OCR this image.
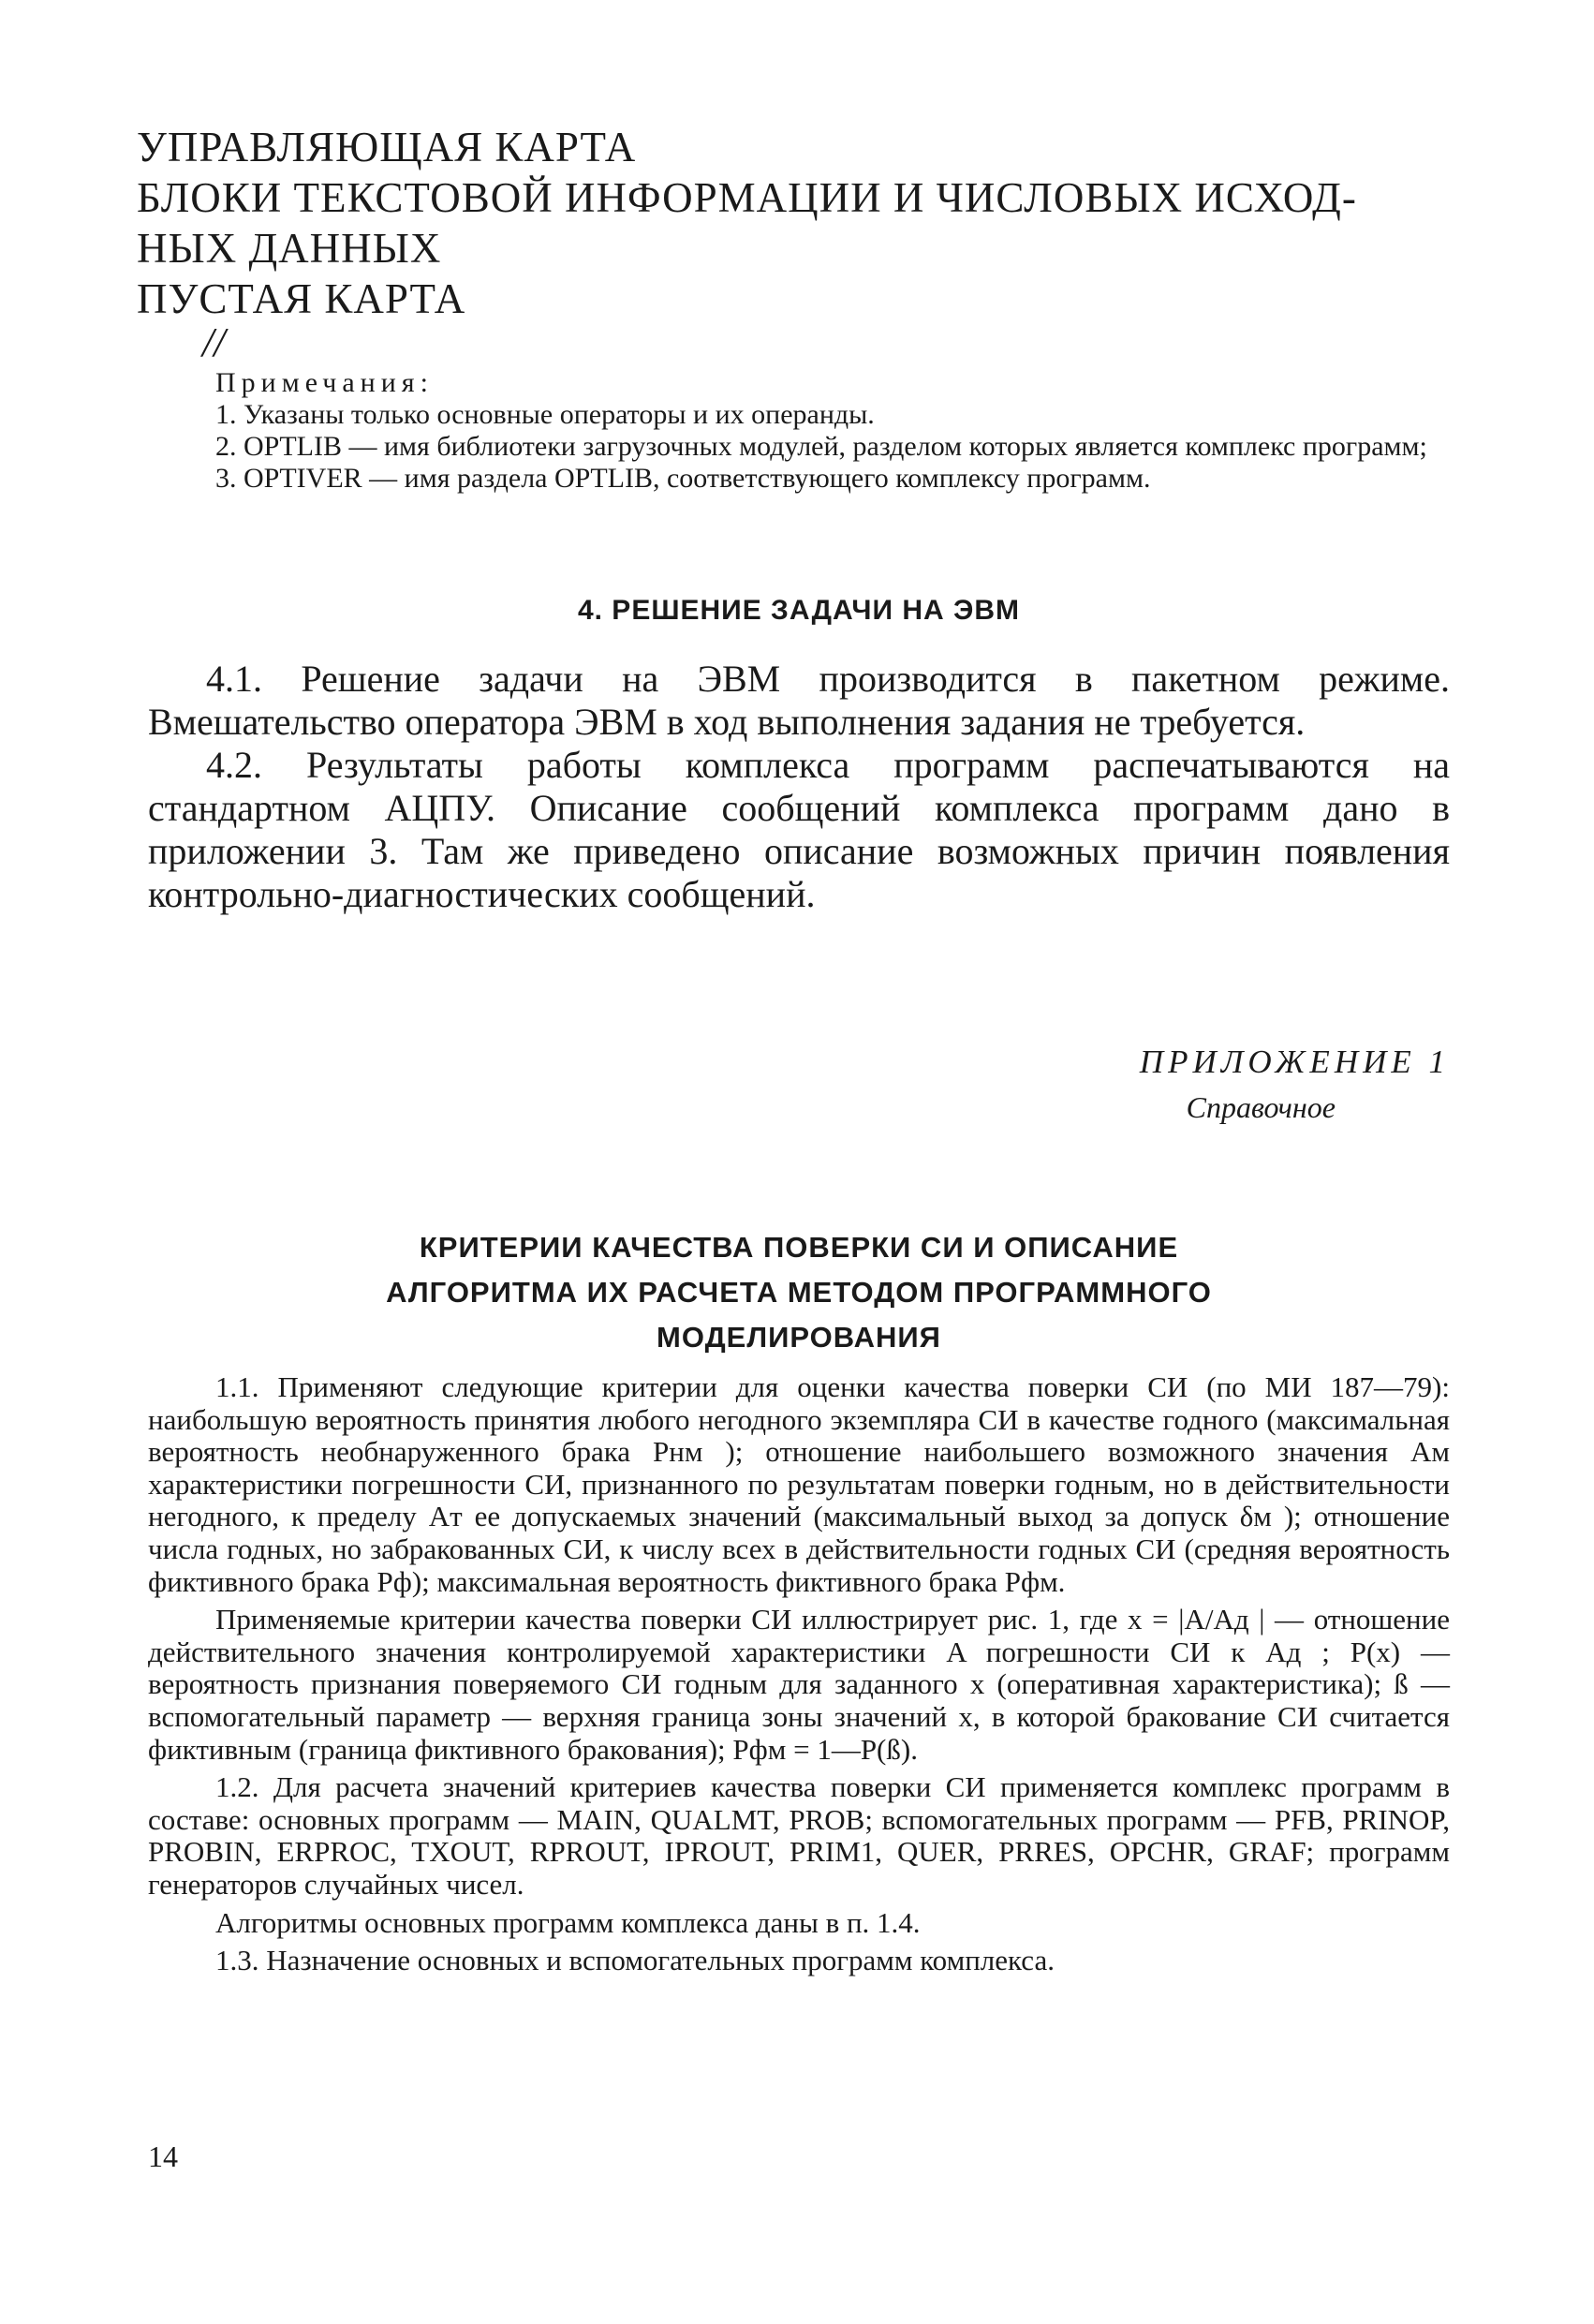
УПРАВЛЯЮЩАЯ КАРТА
БЛОКИ ТЕКСТОВОЙ ИНФОРМАЦИИ И ЧИСЛОВЫХ ИСХОД-
НЫХ ДАННЫХ
ПУСТАЯ КАРТА
//
Примечания:

1. Указаны только основные операторы и их операнды.

2. OPTLIB — имя библиотеки загрузочных модулей, разделом которых является комплекс программ;

3. OPTIVER — имя раздела OPTLIB, соответствующего комплексу программ.

4. РЕШЕНИЕ ЗАДАЧИ НА ЭВМ

4.1. Решение задачи на ЭВМ производится в пакетном режиме. Вмешательство оператора ЭВМ в ход выполнения задания не требуется.

4.2. Результаты работы комплекса программ распечатываются на стандартном АЦПУ. Описание сообщений комплекса программ дано в приложении 3. Там же приведено описание возможных причин появления контрольно-диагностических сообщений.

ПРИЛОЖЕНИЕ 1
Справочное
КРИТЕРИИ КАЧЕСТВА ПОВЕРКИ СИ И ОПИСАНИЕ
АЛГОРИТМА ИХ РАСЧЕТА МЕТОДОМ ПРОГРАММНОГО
МОДЕЛИРОВАНИЯ

1.1. Применяют следующие критерии для оценки качества поверки СИ (по МИ 187—79): наибольшую вероятность принятия любого негодного экземпляра СИ в качестве годного (максимальная вероятность необнаруженного брака Pнм ); отношение наибольшего возможного значения Aм характеристики погрешности СИ, признанного по результатам поверки годным, но в действительности негодного, к пределу Aт ее допускаемых значений (максимальный выход за допуск δм ); отношение числа годных, но забракованных СИ, к числу всех в действительности годных СИ (средняя вероятность фиктивного брака Pф); максимальная вероятность фиктивного брака Pфм.

Применяемые критерии качества поверки СИ иллюстрирует рис. 1, где x = |A/Aд | — отношение действительного значения контролируемой характеристики A погрешности СИ к Aд ; P(x) — вероятность признания поверяемого СИ годным для заданного x (оперативная характеристика); ß — вспомогательный параметр — верхняя граница зоны значений x, в которой браковaние СИ считается фиктивным (граница фиктивного браковaния); Pфм = 1—P(ß).

1.2. Для расчета значений критериев качества поверки СИ применяется комплекс программ в составе: основных программ — MAIN, QUALMT, PROB; вспомогательных программ — PFB, PRINOP, PROBIN, ERPROC, TXOUT, RPROUT, IPROUT, PRIM1, QUER, PRRES, OPCHR, GRAF; программ генераторов случайных чисел.

Алгоритмы основных программ комплекса даны в п. 1.4.

1.3. Назначение основных и вспомогательных программ комплекса.

14
